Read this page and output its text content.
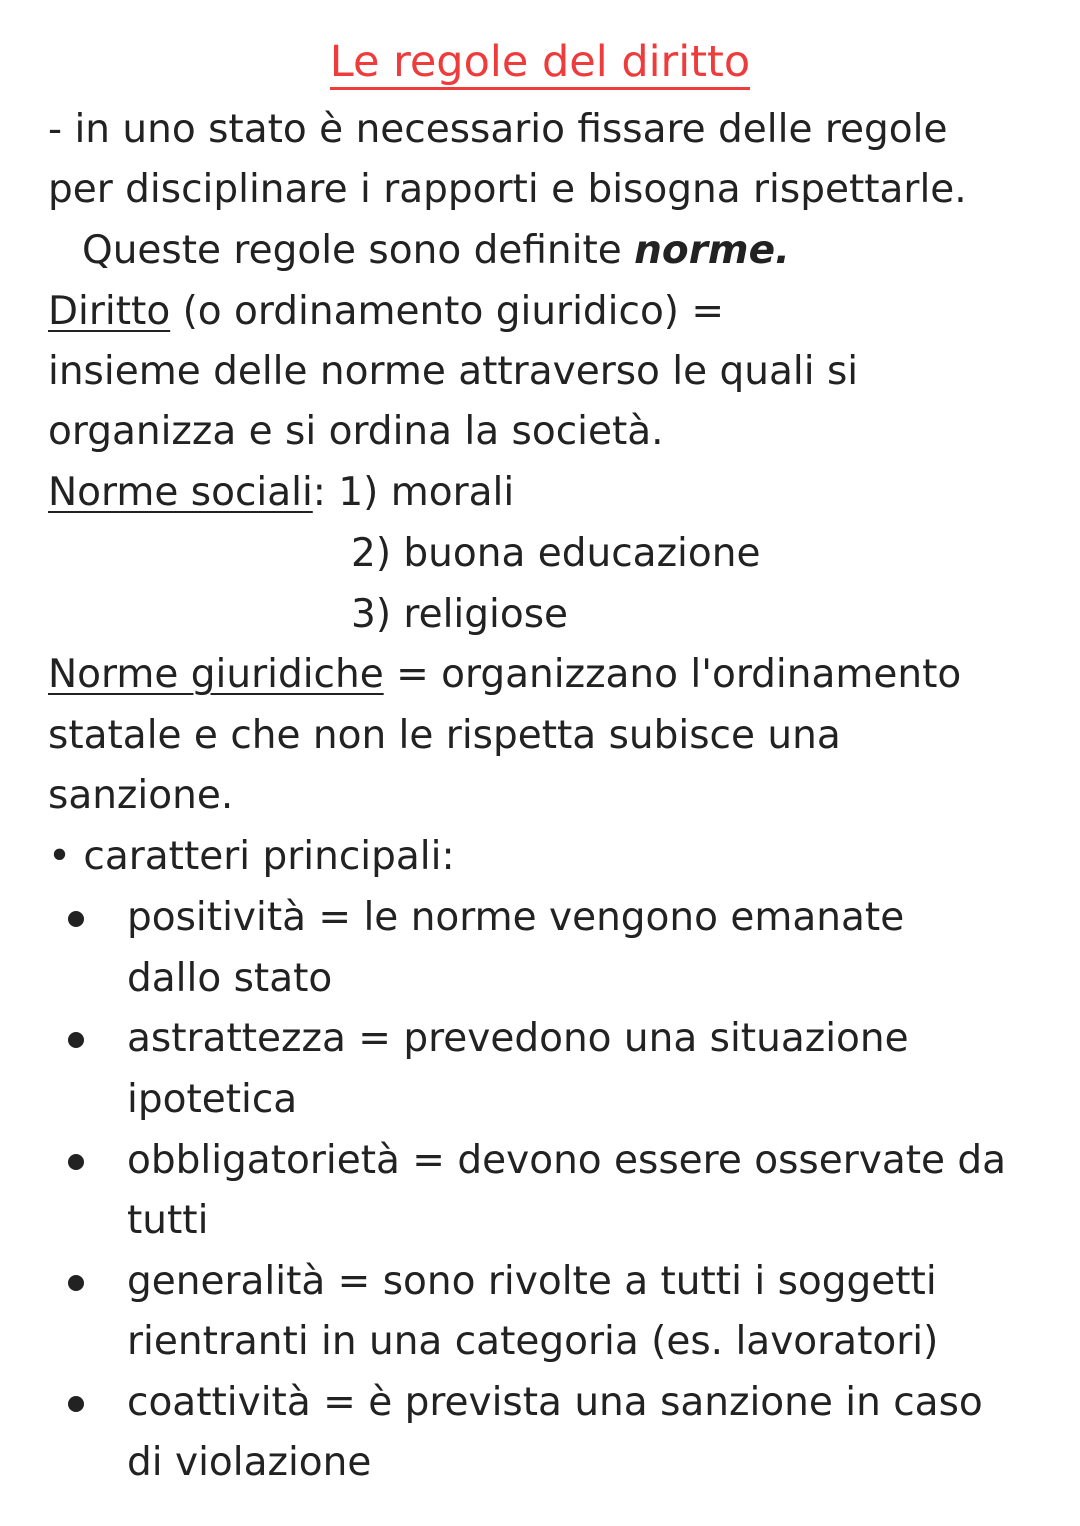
Le regole del diritto
- in uno stato è necessario fissare delle regole
per disciplinare i rapporti e bisogna rispettarle.
Queste regole sono definite norme.
Diritto (o ordinamento giuridico) =
insieme delle norme attraverso le quali si
organizza e si ordina la società.
Norme sociali: 1) morali
2) buona educazione
3) religiose
Norme giuridiche = organizzano l'ordinamento
statale e che non le rispetta subisce una
sanzione.
• caratteri principali:
positività = le norme vengono emanate
dallo stato
astrattezza = prevedono una situazione
ipotetica
obbligatorietà = devono essere osservate da
tutti
generalità = sono rivolte a tutti i soggetti
rientranti in una categoria (es. lavoratori)
coattività = è prevista una sanzione in caso
di violazione
